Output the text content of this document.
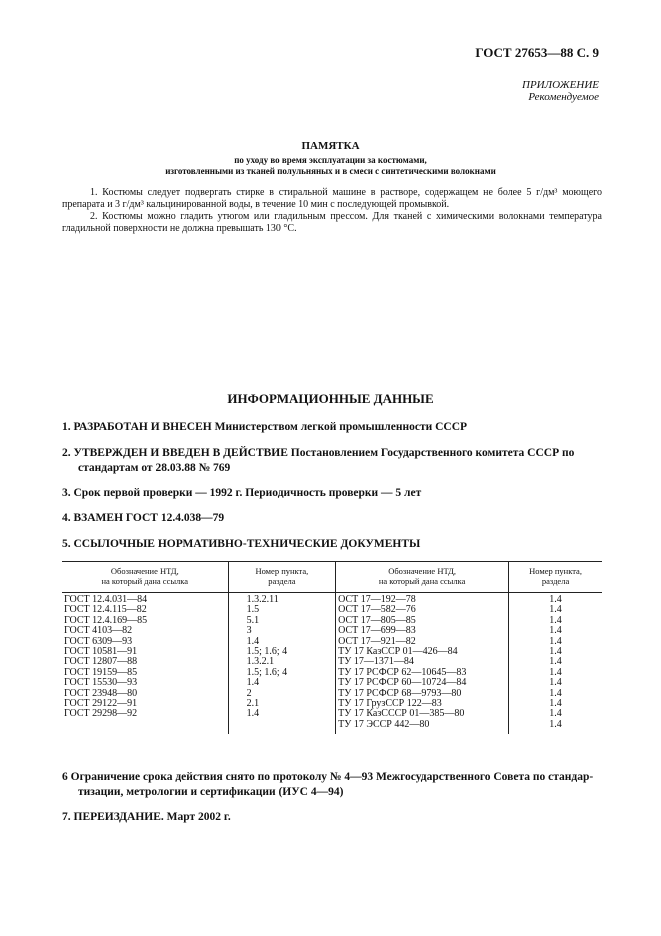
ГОСТ 27653—88 С. 9
ПРИЛОЖЕНИЕ
Рекомендуемое
ПАМЯТКА
по уходу во время эксплуатации за костюмами,
изготовленными из тканей полульняных и в смеси с синтетическими волокнами

1. Костюмы следует подвергать стирке в стиральной машине в растворе, содержащем не более 5 г/дм³ моющего препарата и 3 г/дм³ кальцинированной воды, в течение 10 мин с последующей промывкой.

2. Костюмы можно гладить утюгом или гладильным прессом. Для тканей с химическими волокнами температура гладильной поверхности не должна превышать 130 °С.

ИНФОРМАЦИОННЫЕ ДАННЫЕ
1. РАЗРАБОТАН И ВНЕСЕН Министерством легкой промышленности СССР
2. УТВЕРЖДЕН И ВВЕДЕН В ДЕЙСТВИЕ Постановлением Государственного комитета СССР по
стандартам от 28.03.88 № 769
3. Срок первой проверки — 1992 г. Периодичность проверки — 5 лет
4. ВЗАМЕН ГОСТ 12.4.038—79
5. ССЫЛОЧНЫЕ НОРМАТИВНО-ТЕХНИЧЕСКИЕ ДОКУМЕНТЫ
Обозначение НТД,
на который дана ссылка	Номер пункта,
раздела	Обозначение НТД,
на который дана ссылка	Номер пункта,
раздела
ГОСТ 12.4.031—84	1.3.2.11	ОСТ 17—192—78	1.4
ГОСТ 12.4.115—82	1.5	ОСТ 17—582—76	1.4
ГОСТ 12.4.169—85	5.1	ОСТ 17—805—85	1.4
ГОСТ 4103—82	3	ОСТ 17—699—83	1.4
ГОСТ 6309—93	1.4	ОСТ 17—921—82	1.4
ГОСТ 10581—91	1.5; 1.6; 4	ТУ 17 КазССР 01—426—84	1.4
ГОСТ 12807—88	1.3.2.1	ТУ 17—1371—84	1.4
ГОСТ 19159—85	1.5; 1.6; 4	ТУ 17 РСФСР 62—10645—83	1.4
ГОСТ 15530—93	1.4	ТУ 17 РСФСР 60—10724—84	1.4
ГОСТ 23948—80	2	ТУ 17 РСФСР 68—9793—80	1.4
ГОСТ 29122—91	2.1	ТУ 17 ГрузССР 122—83	1.4
ГОСТ 29298—92	1.4	ТУ 17 КазСССР 01—385—80	1.4
		ТУ 17 ЭССР 442—80	1.4
6 Ограничение срока действия снято по протоколу № 4—93 Межгосударственного Совета по стандар-
тизации, метрологии и сертификации (ИУС 4—94)
7. ПЕРЕИЗДАНИЕ. Март 2002 г.
